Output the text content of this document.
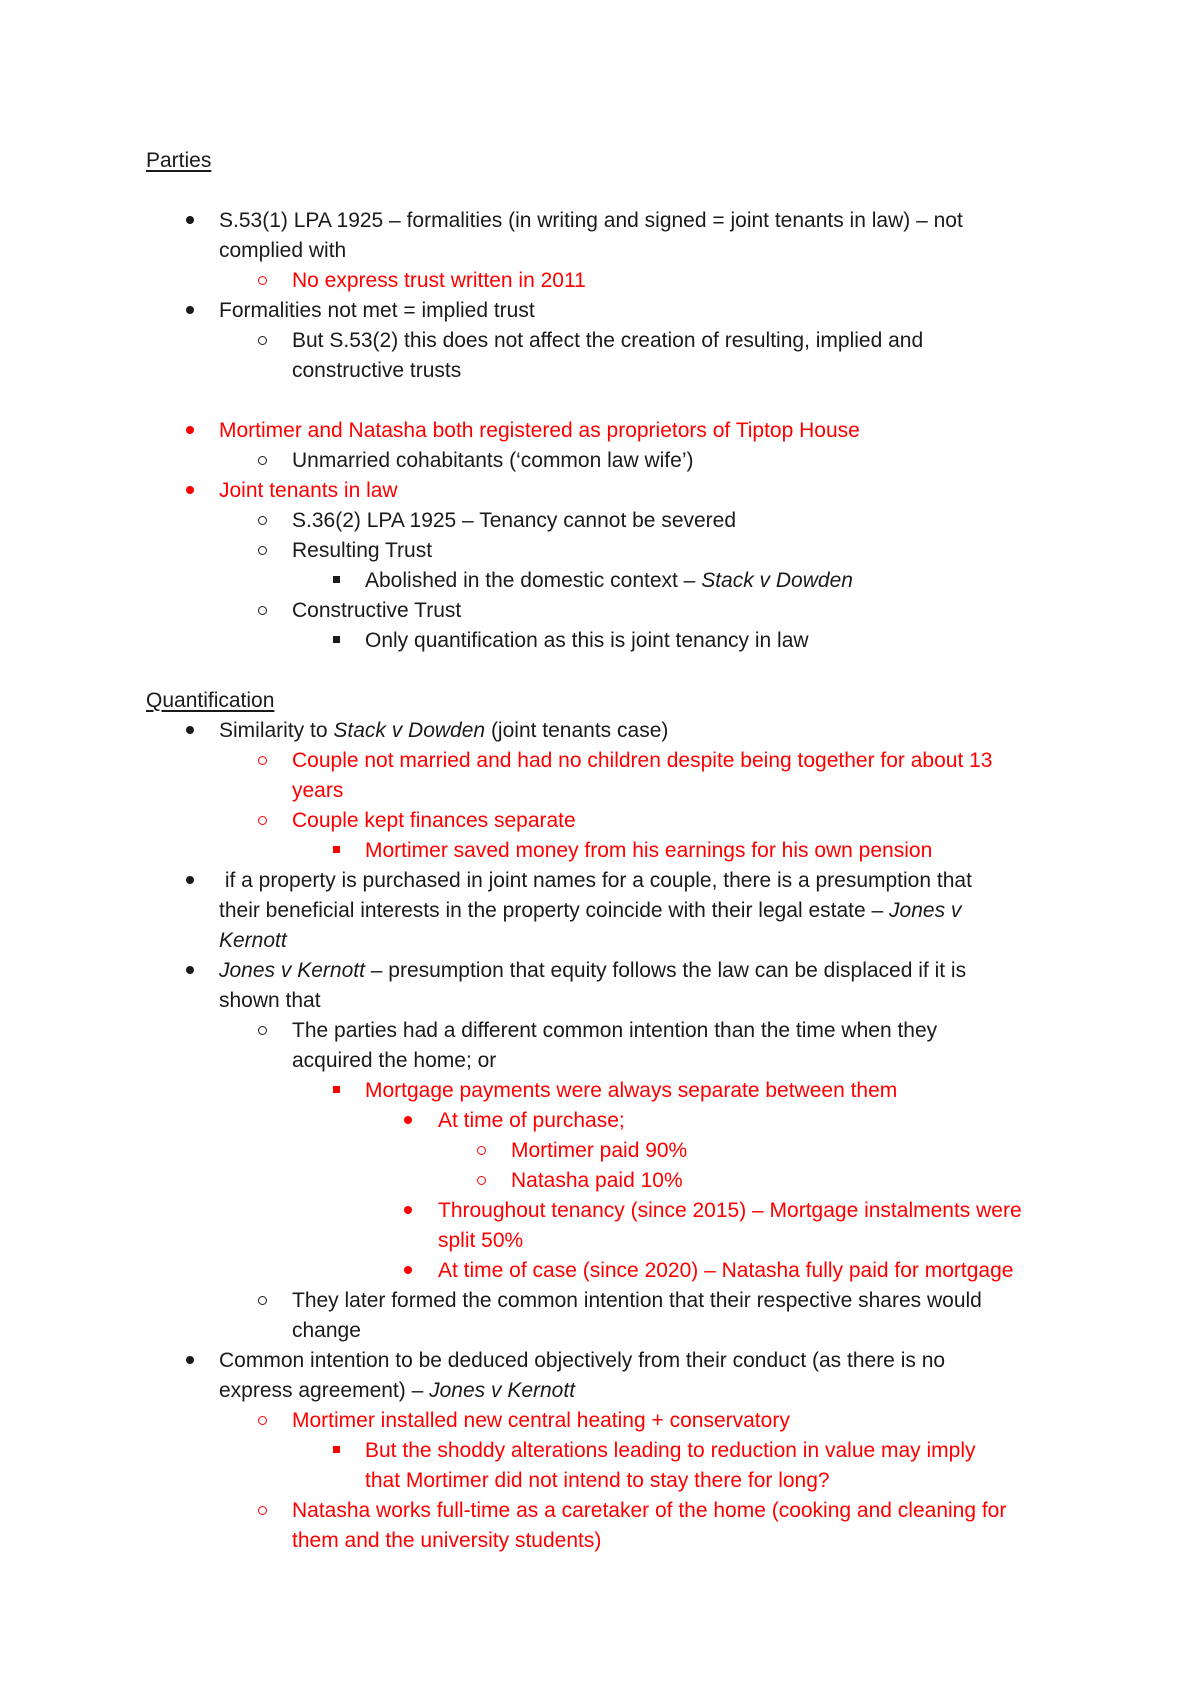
Parties
S.53(1) LPA 1925 – formalities (in writing and signed = joint tenants in law) – not
complied with
No express trust written in 2011
Formalities not met = implied trust
But S.53(2) this does not affect the creation of resulting, implied and
constructive trusts
Mortimer and Natasha both registered as proprietors of Tiptop House
Unmarried cohabitants (‘common law wife’)
Joint tenants in law
S.36(2) LPA 1925 – Tenancy cannot be severed
Resulting Trust
Abolished in the domestic context – Stack v Dowden
Constructive Trust
Only quantification as this is joint tenancy in law
Quantification
Similarity to Stack v Dowden (joint tenants case)
Couple not married and had no children despite being together for about 13
years
Couple kept finances separate
Mortimer saved money from his earnings for his own pension
if a property is purchased in joint names for a couple, there is a presumption that
their beneficial interests in the property coincide with their legal estate – Jones v
Kernott
Jones v Kernott – presumption that equity follows the law can be displaced if it is
shown that
The parties had a different common intention than the time when they
acquired the home; or
Mortgage payments were always separate between them
At time of purchase;
Mortimer paid 90%
Natasha paid 10%
Throughout tenancy (since 2015) – Mortgage instalments were
split 50%
At time of case (since 2020) – Natasha fully paid for mortgage
They later formed the common intention that their respective shares would
change
Common intention to be deduced objectively from their conduct (as there is no
express agreement) – Jones v Kernott
Mortimer installed new central heating + conservatory
But the shoddy alterations leading to reduction in value may imply
that Mortimer did not intend to stay there for long?
Natasha works full-time as a caretaker of the home (cooking and cleaning for
them and the university students)
